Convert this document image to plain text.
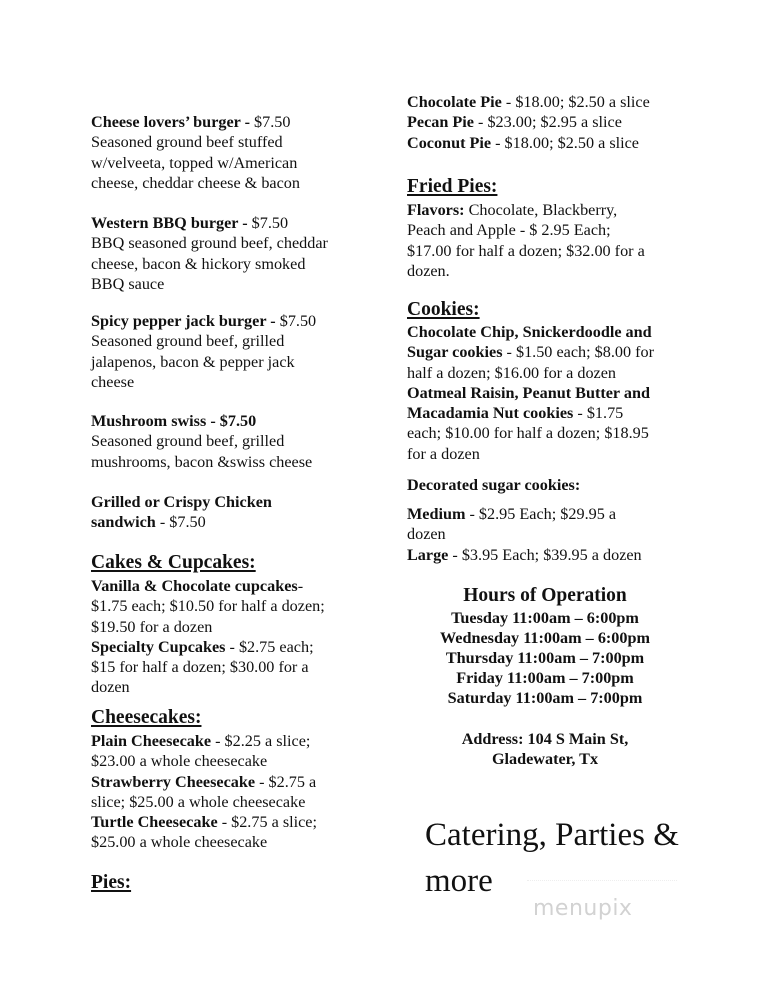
Cheese lovers’ burger - $7.50
Seasoned ground beef stuffed
w/velveeta, topped w/American
cheese, cheddar cheese & bacon
Western BBQ burger - $7.50
BBQ seasoned ground beef, cheddar
cheese, bacon & hickory smoked
BBQ sauce
Spicy pepper jack burger - $7.50
Seasoned ground beef, grilled
jalapenos, bacon & pepper jack
cheese
Mushroom swiss - $7.50
Seasoned ground beef, grilled
mushrooms, bacon &swiss cheese
Grilled or Crispy Chicken
sandwich - $7.50
Cakes & Cupcakes:
Vanilla & Chocolate cupcakes-
$1.75 each; $10.50 for half a dozen;
$19.50 for a dozen
Specialty Cupcakes - $2.75 each;
$15 for half a dozen; $30.00 for a
dozen
Cheesecakes:
Plain Cheesecake - $2.25 a slice;
$23.00 a whole cheesecake
Strawberry Cheesecake - $2.75 a
slice; $25.00 a whole cheesecake
Turtle Cheesecake - $2.75 a slice;
$25.00 a whole cheesecake
Pies:
Chocolate Pie - $18.00; $2.50 a slice
Pecan Pie - $23.00; $2.95 a slice
Coconut Pie - $18.00; $2.50 a slice
Fried Pies:
Flavors: Chocolate, Blackberry,
Peach and Apple - $ 2.95 Each;
$17.00 for half a dozen; $32.00 for a
dozen.
Cookies:
Chocolate Chip, Snickerdoodle and
Sugar cookies - $1.50 each; $8.00 for
half a dozen; $16.00 for a dozen
Oatmeal Raisin, Peanut Butter and
Macadamia Nut cookies - $1.75
each; $10.00 for half a dozen; $18.95
for a dozen
Decorated sugar cookies:
Medium - $2.95 Each; $29.95 a
dozen
Large - $3.95 Each; $39.95 a dozen
Hours of Operation
Tuesday 11:00am – 6:00pm
Wednesday 11:00am – 6:00pm
Thursday 11:00am – 7:00pm
Friday 11:00am – 7:00pm
Saturday 11:00am – 7:00pm
Address: 104 S Main St,
Gladewater, Tx
Catering, Parties &
more
menupix
